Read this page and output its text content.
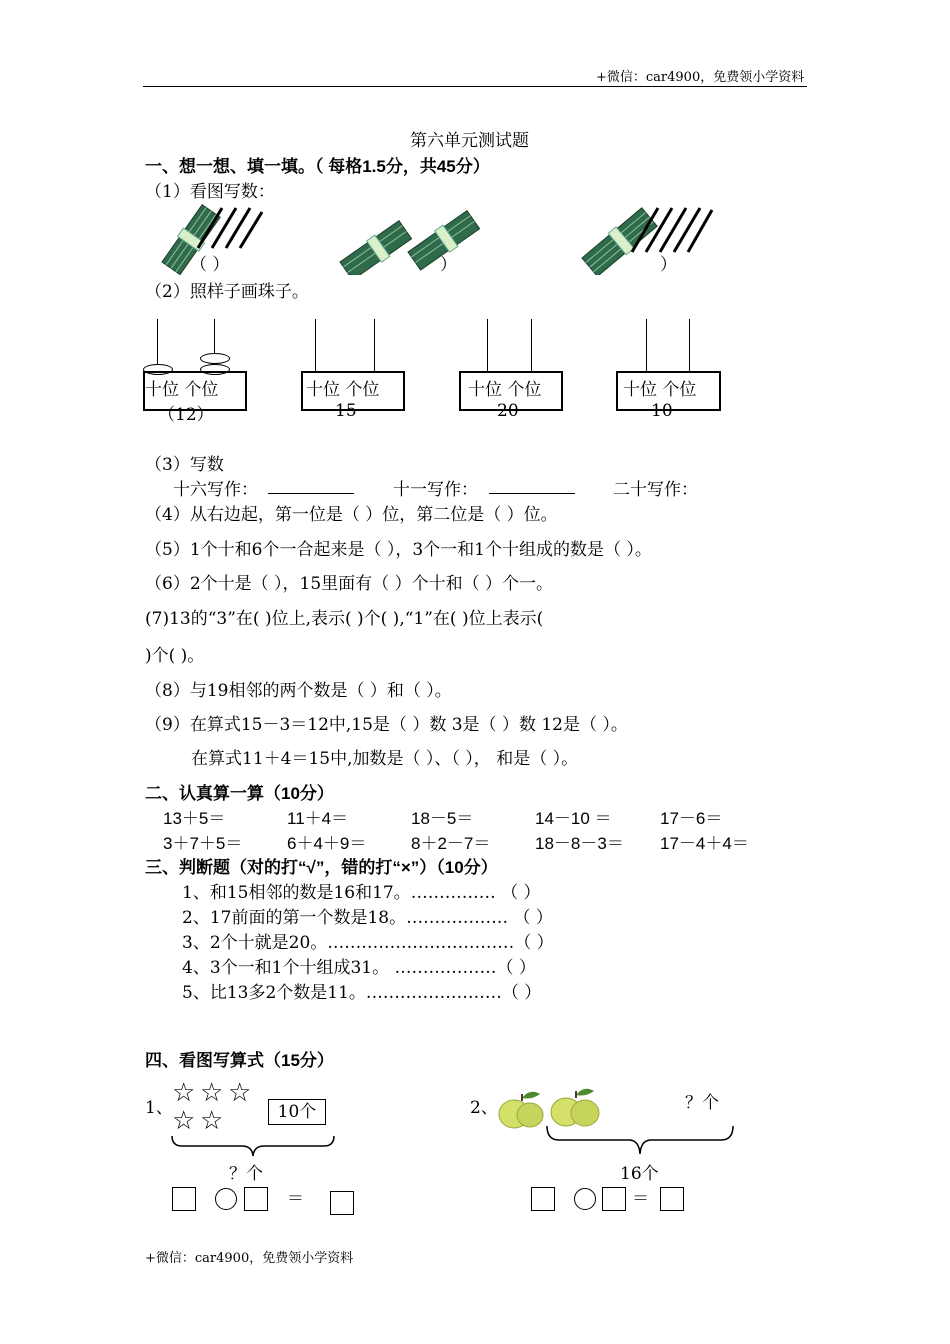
+微信：car4900，免费领小学资料
第六单元测试题
一、想一想、填一填。（ 每格1.5分，共45分）
（1）看图写数：
（ ）	）	）
（2）照样子画珠子。
十位 个位
（12）
十位 个位
15
十位 个位
20
十位 个位
10
（3）写数
十六写作：	十一写作：	二十写作：
（4）从右边起，第一位是（ ）位，第二位是（ ）位。
（5）1个十和6个一合起来是（ ），3个一和1个十组成的数是（ ）。
（6）2个十是（ ），15里面有（ ）个十和（ ）个一。
(7)13的“3”在( )位上,表示( )个( ),“1”在( )位上表示(
)个( )。
（8）与19相邻的两个数是（ ）和（ ）。
（9）在算式15－3＝12中,15是（ ）数 3是（ ）数 12是（ ）。
在算式11＋4＝15中,加数是（ ）、（ ）， 和是（ ）。
二、认真算一算（10分）
13＋5＝	11＋4＝	18－5＝	14－10 ＝	17－6＝
3＋7＋5＝	6＋4＋9＝	8＋2－7＝	18－8－3＝ 17－4＋4＝
三、判断题（对的打“√”，错的打“×”）（10分）
1、和15相邻的数是16和17。…………… （ ）
2、17前面的第一个数是18。……………… （ ）
3、2个十就是20。……………………………（ ）
4、3个一和1个十组成31。 ………………（ ）
5、比13多2个数是11。……………………（ ）
四、看图写算式（15分）
1、 ☆ ☆ ☆
☆ ☆	10个
？个
＝
2、	？个
16个
＝
+微信：car4900，免费领小学资料
